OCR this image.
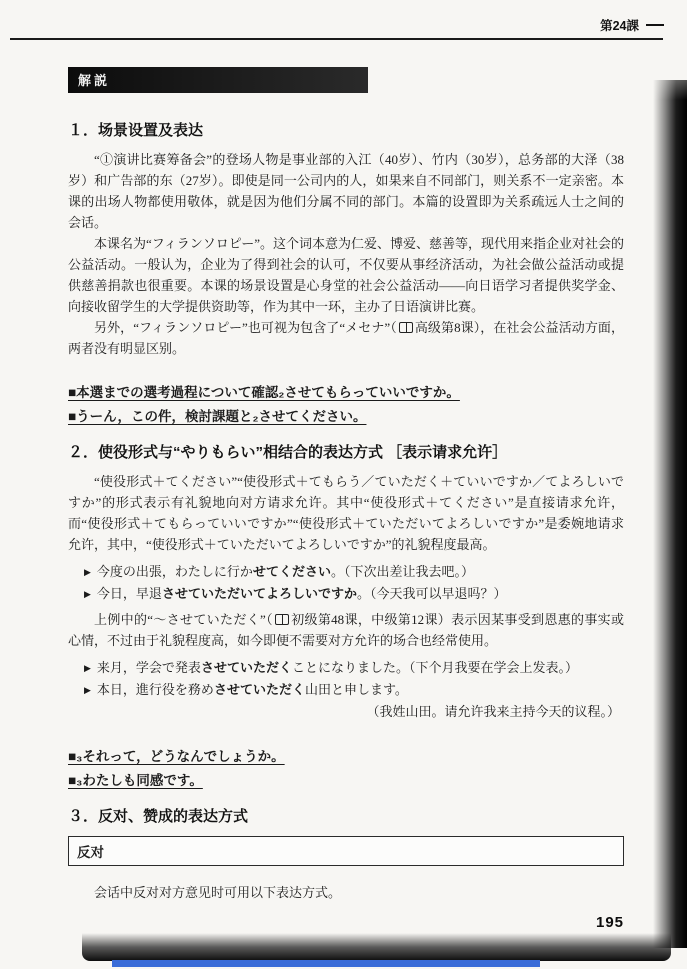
第24課
解説
１．场景设置及表达

“①演讲比赛筹备会”的登场人物是事业部的入江（40岁）、竹内（30岁），总务部的大泽（38岁）和广告部的东（27岁）。即使是同一公司内的人，如果来自不同部门，则关系不一定亲密。本课的出场人物都使用敬体，就是因为他们分属不同的部门。本篇的设置即为关系疏远人士之间的会话。

本课名为“フィランソロピー”。这个词本意为仁爱、博爱、慈善等，现代用来指企业对社会的公益活动。一般认为，企业为了得到社会的认可，不仅要从事经济活动，为社会做公益活动或提供慈善捐款也很重要。本课的场景设置是心身堂的社会公益活动——向日语学习者提供奖学金、向接收留学生的大学提供资助等，作为其中一环，主办了日语演讲比赛。

另外，“フィランソロピー”也可视为包含了“メセナ”（ 高级第8课），在社会公益活动方面，两者没有明显区别。

■本選までの選考過程について確認₂させてもらっていいですか。
■うーん，この件，検討課題と₂させてください。
２．使役形式与“やりもらい”相结合的表达方式 ［表示请求允许］

“使役形式＋てください”“使役形式＋てもらう／ていただく＋ていいですか／てよろしいですか”的形式表示有礼貌地向对方请求允许。其中“使役形式＋てください”是直接请求允许，而“使役形式＋てもらっていいですか”“使役形式＋ていただいてよろしいですか”是委婉地请求允许，其中，“使役形式＋ていただいてよろしいですか”的礼貌程度最高。

▶ 今度の出張，わたしに行かせてください。（下次出差让我去吧。）
▶ 今日，早退させていただいてよろしいですか。（今天我可以早退吗？）

上例中的“～させていただく”（ 初级第48课，中级第12课）表示因某事受到恩惠的事实或心情，不过由于礼貌程度高，如今即便不需要对方允许的场合也经常使用。

▶ 来月，学会で発表させていただくことになりました。（下个月我要在学会上发表。）
▶ 本日，進行役を務めさせていただく山田と申します。
（我姓山田。请允许我来主持今天的议程。）
■₃それって，どうなんでしょうか。
■₃わたしも同感です。
３．反对、赞成的表达方式
反对

会话中反对对方意见时可用以下表达方式。

195
